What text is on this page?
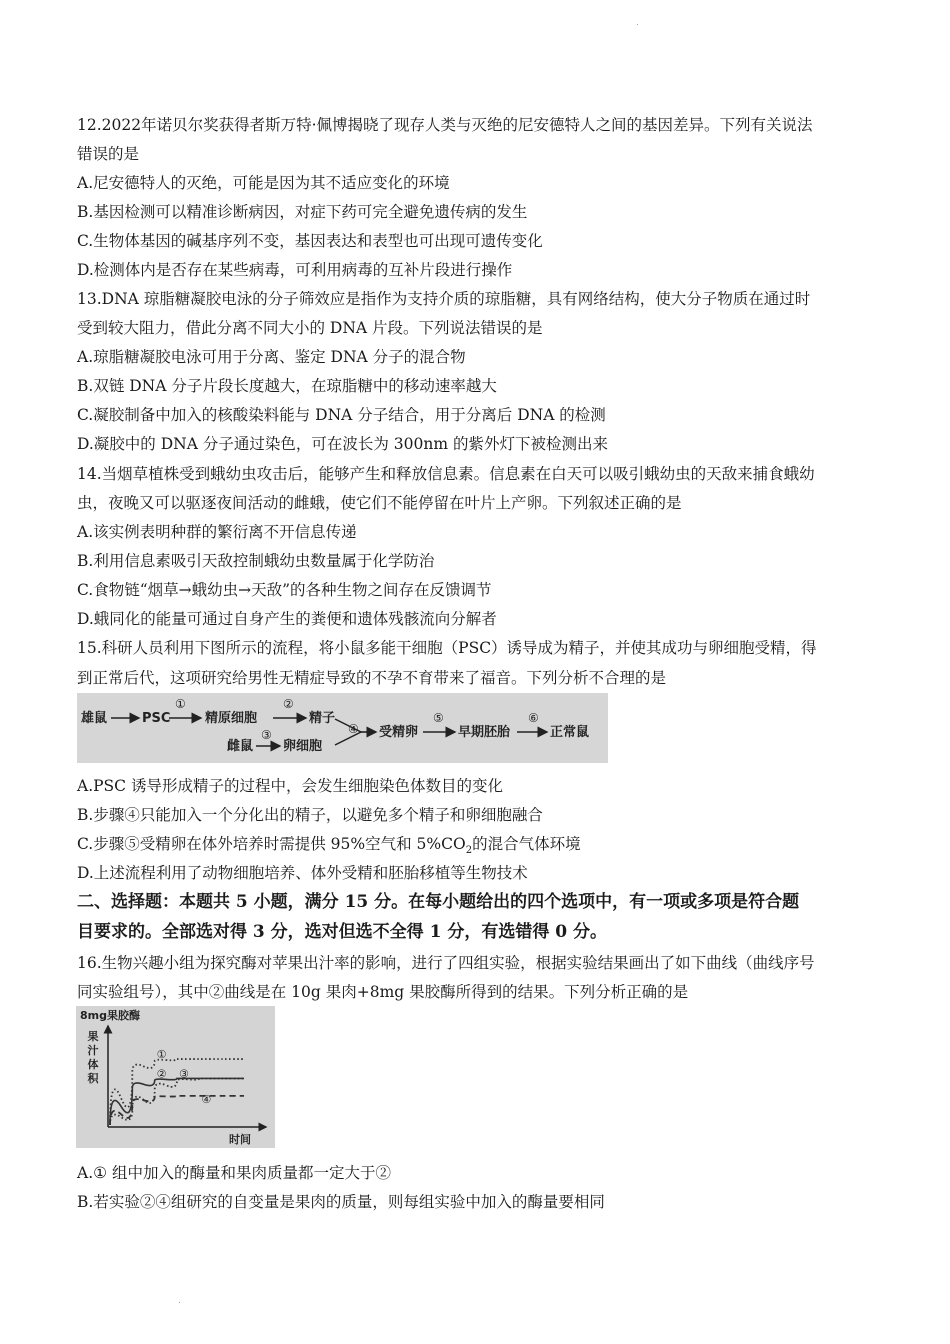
.
12.2022年诺贝尔奖获得者斯万特·佩博揭晓了现存人类与灭绝的尼安德特人之间的基因差异。下列有关说法
错误的是
A.尼安德特人的灭绝，可能是因为其不适应变化的环境
B.基因检测可以精准诊断病因，对症下药可完全避免遗传病的发生
C.生物体基因的碱基序列不变，基因表达和表型也可出现可遗传变化
D.检测体内是否存在某些病毒，可利用病毒的互补片段进行操作
13.DNA 琼脂糖凝胶电泳的分子筛效应是指作为支持介质的琼脂糖，具有网络结构，使大分子物质在通过时
受到较大阻力，借此分离不同大小的 DNA 片段。下列说法错误的是
A.琼脂糖凝胶电泳可用于分离、鉴定 DNA 分子的混合物
B.双链 DNA 分子片段长度越大，在琼脂糖中的移动速率越大
C.凝胶制备中加入的核酸染料能与 DNA 分子结合，用于分离后 DNA 的检测
D.凝胶中的 DNA 分子通过染色，可在波长为 300nm 的紫外灯下被检测出来
14.当烟草植株受到蛾幼虫攻击后，能够产生和释放信息素。信息素在白天可以吸引蛾幼虫的天敌来捕食蛾幼
虫，夜晚又可以驱逐夜间活动的雌蛾，使它们不能停留在叶片上产卵。下列叙述正确的是
A.该实例表明种群的繁衍离不开信息传递
B.利用信息素吸引天敌控制蛾幼虫数量属于化学防治
C.食物链“烟草→蛾幼虫→天敌”的各种生物之间存在反馈调节
D.蛾同化的能量可通过自身产生的粪便和遗体残骸流向分解者
15.科研人员利用下图所示的流程，将小鼠多能干细胞（PSC）诱导成为精子，并使其成功与卵细胞受精，得
到正常后代，这项研究给男性无精症导致的不孕不育带来了福音。下列分析不合理的是
雄鼠	PSC
①
精原细胞
②
精子
雌鼠
③
卵细胞
④ 受精卵
⑤
早期胚胎
⑥
正常鼠
A.PSC 诱导形成精子的过程中，会发生细胞染色体数目的变化
B.步骤④只能加入一个分化出的精子，以避免多个精子和卵细胞融合
C.步骤⑤受精卵在体外培养时需提供 95%空气和 $5\%CO_2$的混合气体环境
D.上述流程利用了动物细胞培养、体外受精和胚胎移植等生物技术
二、选择题：本题共 5 小题，满分 15 分。在每小题给出的四个选项中，有一项或多项是符合题
目要求的。全部选对得 3 分，选对但选不全得 1 分，有选错得 0 分。
16.生物兴趣小组为探究酶对苹果出汁率的影响，进行了四组实验，根据实验结果画出了如下曲线（曲线序号
同实验组号），其中②曲线是在 10g 果肉+8mg 果胶酶所得到的结果。下列分析正确的是
8mg果胶酶
果
汁
体
积
时间
①
② ③
④
A.① 组中加入的酶量和果肉质量都一定大于②
B.若实验②④组研究的自变量是果肉的质量，则每组实验中加入的酶量要相同
.
